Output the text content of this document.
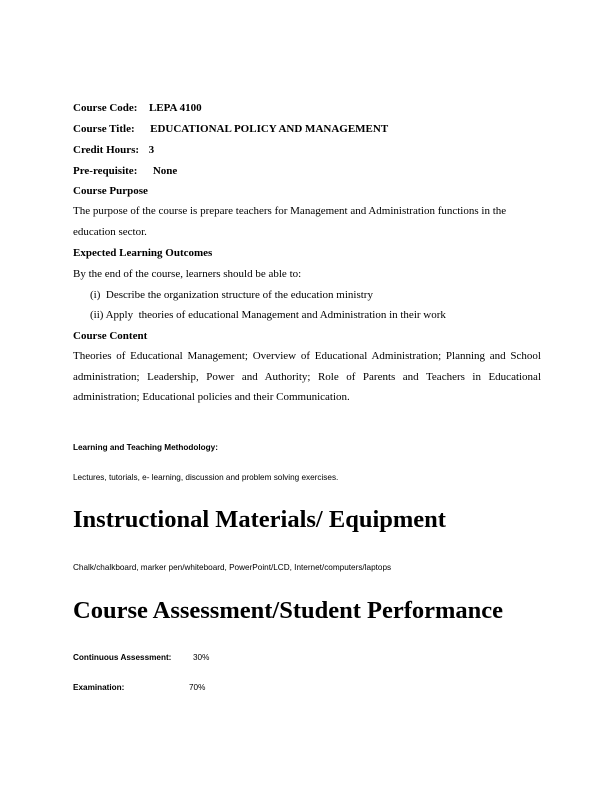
Course Code: LEPA 4100
Course Title: EDUCATIONAL POLICY AND MANAGEMENT
Credit Hours: 3
Pre-requisite: None
Course Purpose
The purpose of the course is prepare teachers for Management and Administration functions in the education sector.
Expected Learning Outcomes
By the end of the course, learners should be able to:
(i)  Describe the organization structure of the education ministry
(ii) Apply  theories of educational Management and Administration in their work
Course Content
Theories of Educational Management; Overview of Educational Administration; Planning and School administration; Leadership, Power and Authority; Role of Parents and Teachers in Educational administration; Educational policies and their Communication.
Learning and Teaching Methodology:
Lectures, tutorials, e- learning, discussion and problem solving exercises.
Instructional Materials/ Equipment
Chalk/chalkboard, marker pen/whiteboard, PowerPoint/LCD, Internet/computers/laptops
Course Assessment/Student Performance
Continuous Assessment:	30%
Examination:	70%
